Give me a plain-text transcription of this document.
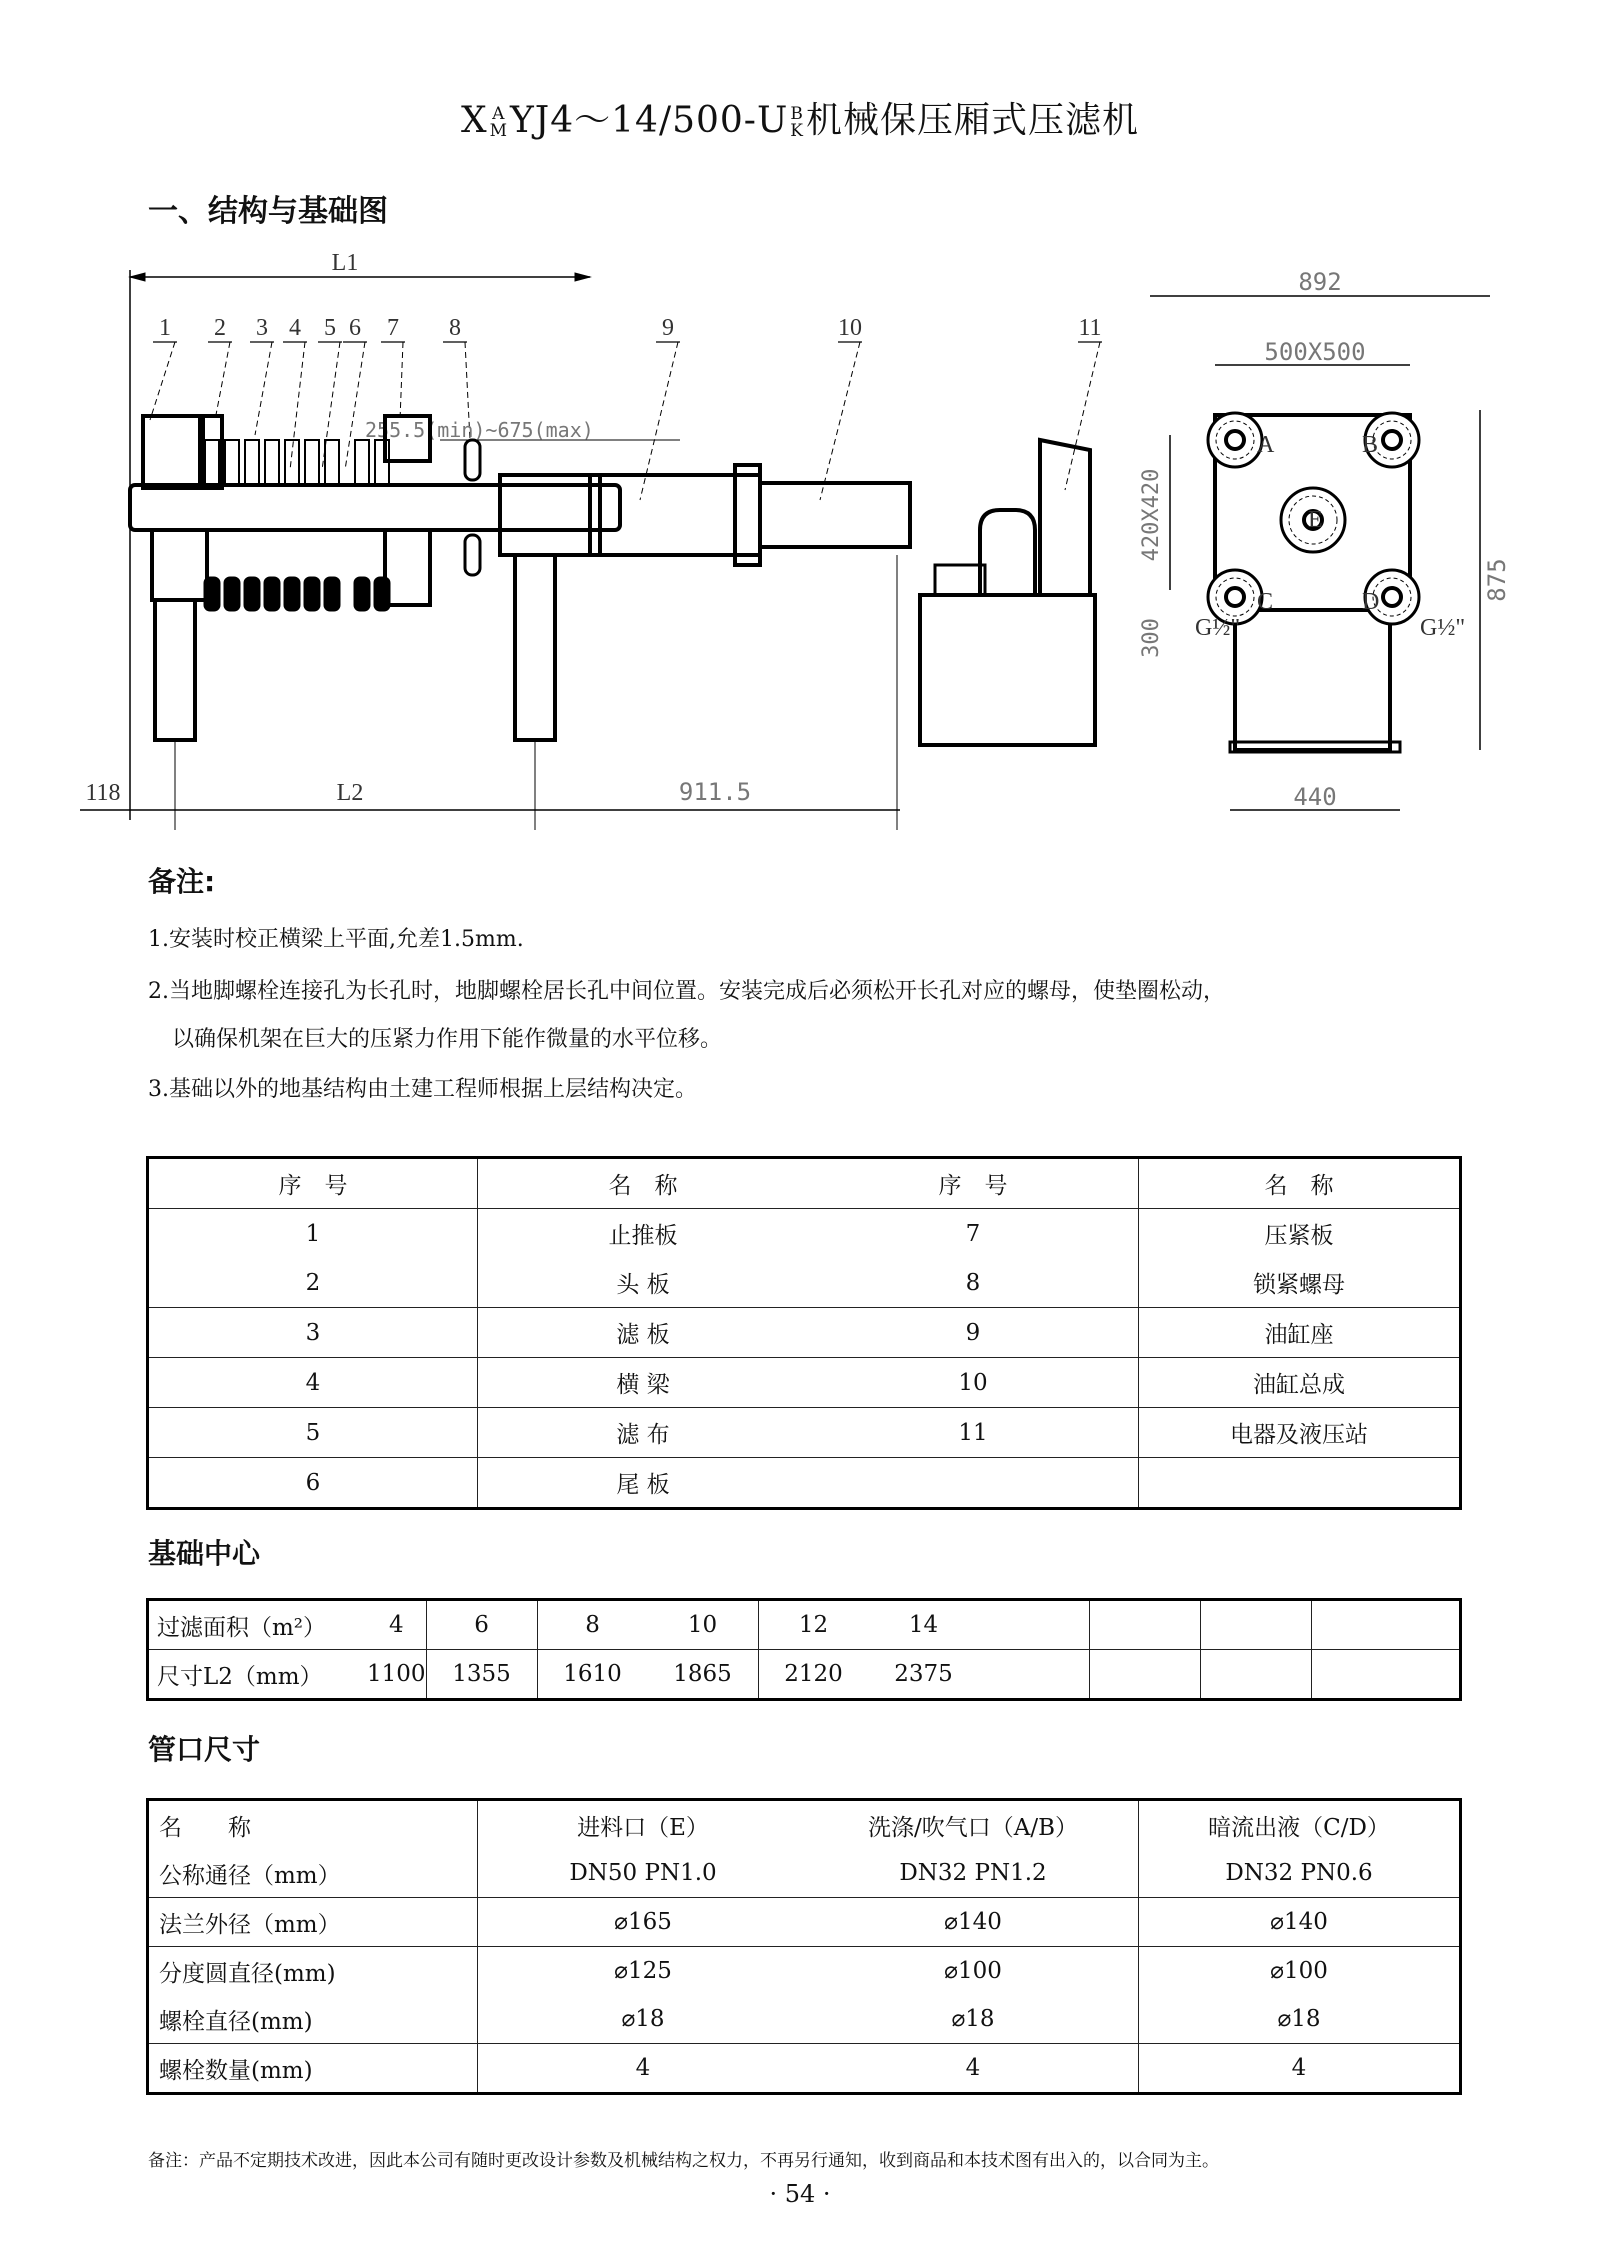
X A
M YJ4～14/500-U B
K 机械保压厢式压滤机
一、结构与基础图
L1
1 2 3 4 5 6 7 8	9	10	11
255.5(min)~675(max)
118	L2	911.5
892
500X500
A	B
C	D
E
875
420X420
300
440
G½"	G½"
备注:
1.安装时校正横梁上平面,允差1.5mm.
2.当地脚螺栓连接孔为长孔时，地脚螺栓居长孔中间位置。安装完成后必须松开长孔对应的螺母，使垫圈松动，
以确保机架在巨大的压紧力作用下能作微量的水平位移。
3.基础以外的地基结构由土建工程师根据上层结构决定。
序　号	名　称	序　号	名　称
1	止推板	7	压紧板
2	头 板	8	锁紧螺母
3	滤 板	9	油缸座
4	横 梁	10	油缸总成
5	滤 布	11	电器及液压站
6	尾 板		
基础中心
过滤面积（m²）	4	6	8	10	12	14				
尺寸L2（mm）	1100	1355	1610	1865	2120	2375				
管口尺寸
名　　称	进料口（E）	洗涤/吹气口（A/B）	暗流出液（C/D）
公称通径（mm）	DN50 PN1.0	DN32 PN1.2	DN32 PN0.6
法兰外径（mm）	⌀165	⌀140	⌀140
分度圆直径(mm)	⌀125	⌀100	⌀100
螺栓直径(mm)	⌀18	⌀18	⌀18
螺栓数量(mm)	4	4	4
备注：产品不定期技术改进，因此本公司有随时更改设计参数及机械结构之权力，不再另行通知，收到商品和本技术图有出入的，以合同为主。
· 54 ·
